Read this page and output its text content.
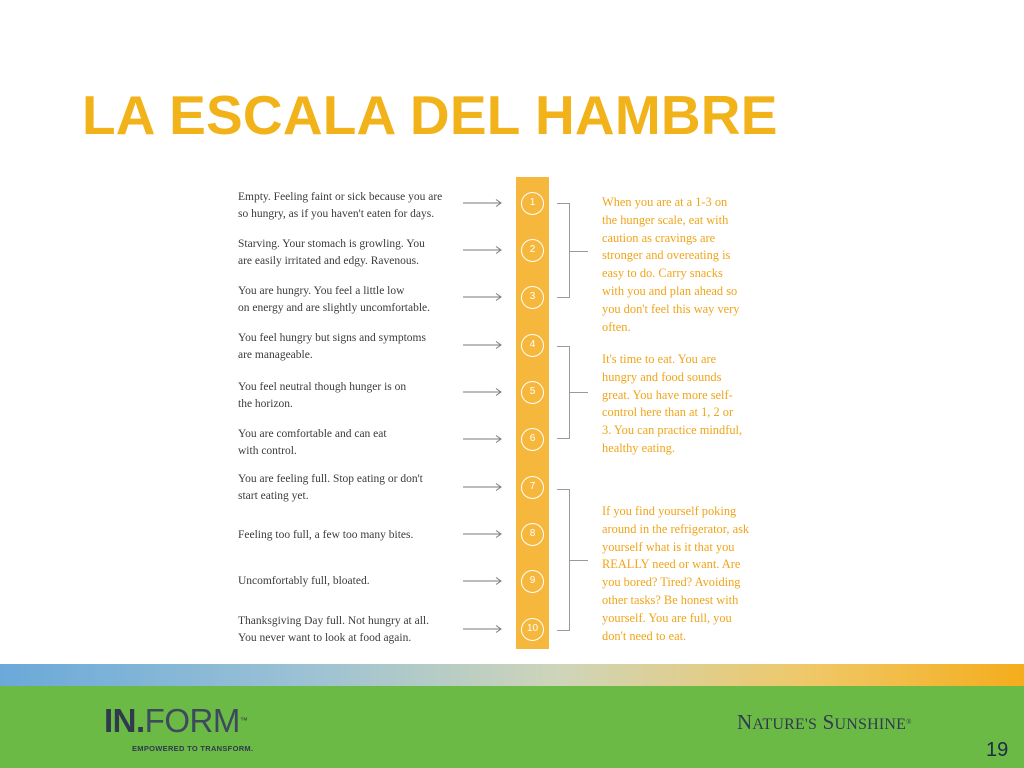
LA ESCALA DEL HAMBRE
Empty. Feeling faint or sick because you are
so hungry, as if you haven't eaten for days.
Starving. Your stomach is growling. You
are easily irritated and edgy. Ravenous.
You are hungry. You feel a little low
on energy and are slightly uncomfortable.
You feel hungry but signs and symptoms
are manageable.
You feel neutral though hunger is on
the horizon.
You are comfortable and can eat
with control.
You are feeling full. Stop eating or don't
start eating yet.
Feeling too full, a few too many bites.
Uncomfortably full, bloated.
Thanksgiving Day full. Not hungry at all.
You never want to look at food again.
1
2
3
4
5
6
7
8
9
10
When you are at a 1-3 on
the hunger scale, eat with
caution as cravings are
stronger and overeating is
easy to do. Carry snacks
with you and plan ahead so
you don't feel this way very
often.
It's time to eat. You are
hungry and food sounds
great. You have more self-
control here than at 1, 2 or
3. You can practice mindful,
healthy eating.
If you find yourself poking
around in the refrigerator, ask
yourself what is it that you
REALLY need or want. Are
you bored? Tired? Avoiding
other tasks? Be honest with
yourself. You are full, you
don't need to eat.
IN.FORM™
EMPOWERED TO TRANSFORM.
NATURE'S SUNSHINE®
19
